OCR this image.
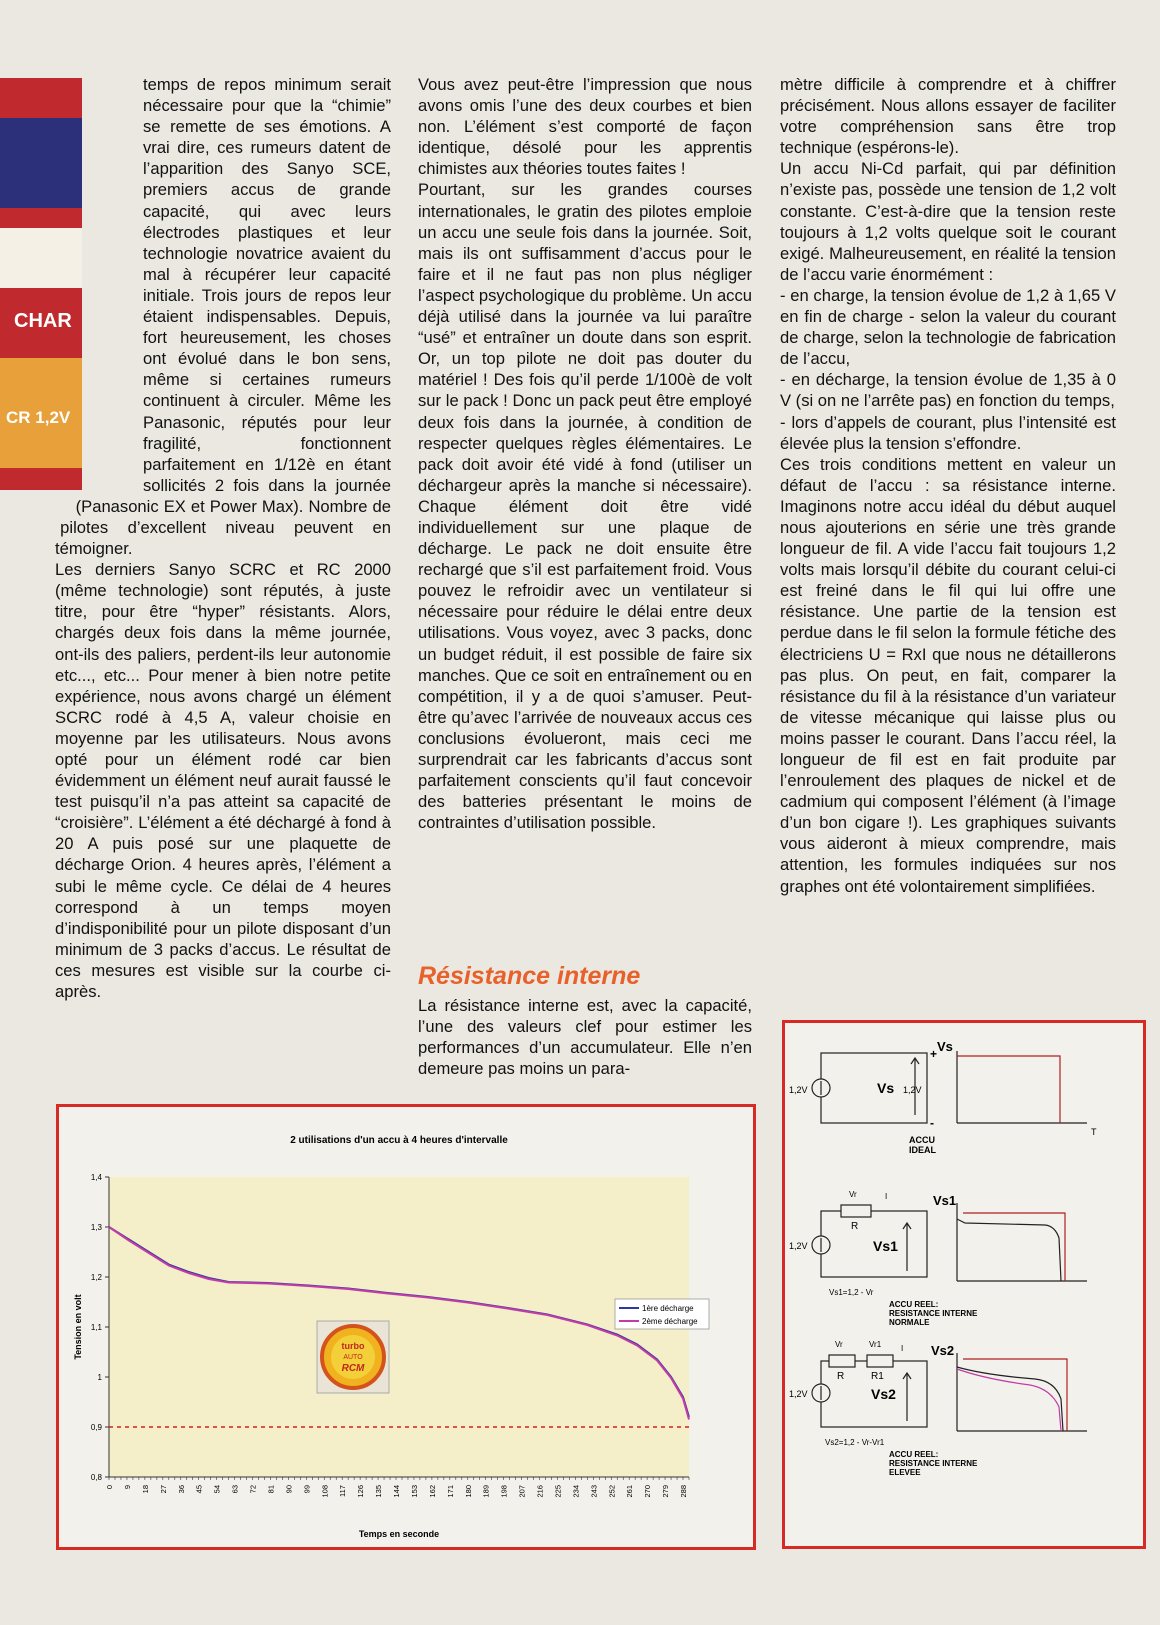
CHAR
CR 1,2V

temps de repos minimum serait nécessaire pour que la “chimie” se remette de ses émotions. A vrai dire, ces rumeurs datent de l’apparition des Sanyo SCE, premiers accus de grande capacité, qui avec leurs électrodes plastiques et leur technologie novatrice avaient du mal à récupérer leur capacité initiale. Trois jours de repos leur étaient indispensables. Depuis, fort heureusement, les choses ont évolué dans le bon sens, même si certaines rumeurs continuent à circuler. Même les Panasonic, réputés pour leur fragilité, fonctionnent parfaitement en 1/12è en étant sollicités 2 fois dans la journée (Panasonic EX et Power Max). Nombre de pilotes d’excellent niveau peuvent en témoigner.

Les derniers Sanyo SCRC et RC 2000 (même technologie) sont réputés, à juste titre, pour être “hyper” résistants. Alors, chargés deux fois dans la même journée, ont-ils des paliers, perdent-ils leur autonomie etc..., etc... Pour mener à bien notre petite expérience, nous avons chargé un élément SCRC rodé à 4,5 A, valeur choisie en moyenne par les utilisateurs. Nous avons opté pour un élément rodé car bien évidemment un élément neuf aurait faussé le test puisqu’il n’a pas atteint sa capacité de “croisière”. L’élément a été déchargé à fond à 20 A puis posé sur une plaquette de décharge Orion. 4 heures après, l’élément a subi le même cycle. Ce délai de 4 heures correspond à un temps moyen d’indisponibilité pour un pilote disposant d’un minimum de 3 packs d’accus. Le résultat de ces mesures est visible sur la courbe ci-après.

Vous avez peut-être l’impression que nous avons omis l’une des deux courbes et bien non. L’élément s’est comporté de façon identique, désolé pour les apprentis chimistes aux théories toutes faites !

Pourtant, sur les grandes courses internationales, le gratin des pilotes emploie un accu une seule fois dans la journée. Soit, mais ils ont suffisamment d’accus pour le faire et il ne faut pas non plus négliger l’aspect psychologique du problème. Un accu déjà utilisé dans la journée va lui paraître “usé” et entraîner un doute dans son esprit. Or, un top pilote ne doit pas douter du matériel ! Des fois qu’il perde 1/100è de volt sur le pack ! Donc un pack peut être employé deux fois dans la journée, à condition de respecter quelques règles élémentaires. Le pack doit avoir été vidé à fond (utiliser un déchargeur après la manche si nécessaire). Chaque élément doit être vidé individuellement sur une plaque de décharge. Le pack ne doit ensuite être rechargé que s’il est parfaitement froid. Vous pouvez le refroidir avec un ventilateur si nécessaire pour réduire le délai entre deux utilisations. Vous voyez, avec 3 packs, donc un budget réduit, il est possible de faire six manches. Que ce soit en entraînement ou en compétition, il y a de quoi s’amuser. Peut-être qu’avec l’arrivée de nouveaux accus ces conclusions évolueront, mais ceci me surprendrait car les fabricants d’accus sont parfaitement conscients qu’il faut concevoir des batteries présentant le moins de contraintes d’utilisation possible.

Résistance interne

La résistance interne est, avec la capacité, l’une des valeurs clef pour estimer les performances d’un accumulateur. Elle n’en demeure pas moins un para-

mètre difficile à comprendre et à chiffrer précisément. Nous allons essayer de faciliter votre compréhension sans être trop technique (espérons-le).

Un accu Ni-Cd parfait, qui par définition n’existe pas, possède une tension de 1,2 volt constante. C’est-à-dire que la tension reste toujours à 1,2 volts quelque soit le courant exigé. Malheureusement, en réalité la tension de l’accu varie énormément :

- en charge, la tension évolue de 1,2 à 1,65 V en fin de charge - selon la valeur du courant de charge, selon la technologie de fabrication de l’accu,

- en décharge, la tension évolue de 1,35 à 0 V (si on ne l’arrête pas) en fonction du temps,

- lors d’appels de courant, plus l’intensité est élevée plus la tension s’effondre.

Ces trois conditions mettent en valeur un défaut de l’accu : sa résistance interne. Imaginons notre accu idéal du début auquel nous ajouterions en série une très grande longueur de fil. A vide l’accu fait toujours 1,2 volts mais lorsqu’il débite du courant celui-ci est freiné dans le fil qui lui offre une résistance. Une partie de la tension est perdue dans le fil selon la formule fétiche des électriciens U = RxI que nous ne détaillerons pas plus. On peut, en fait, comparer la résistance du fil à la résistance d’un variateur de vitesse mécanique qui laisse plus ou moins passer le courant. Dans l’accu réel, la longueur de fil est en fait produite par l’enroulement des plaques de nickel et de cadmium qui composent l’élément (à l’image d’un bon cigare !). Les graphiques suivants vous aideront à mieux comprendre, mais attention, les formules indiquées sur nos graphes ont été volontairement simplifiées.

2 utilisations d'un accu à 4 heures d'intervalle
0,8
0,9
1
1,1
1,2
1,3
1,4
0 9 18 27 36 45 54 63 72 81 90 99 108 117 126 135 144 153 162 171 180 189 198 207 216 225 234 243 252 261 270 279 288
Temps en seconde
Tension en volt	1ère décharge
2ème décharge
turbo
AUTO
RCM
1,2V	Vs 1,2V
+
-
Vs
T
ACCU
IDEAL
Vr	I
R
1,2V	Vs1
Vs1
Vs1=1,2 - Vr
ACCU REEL:
RESISTANCE INTERNE
NORMALE
Vr	Vr1 I
R	R1
1,2V	Vs2
Vs2
Vs2=1,2 - Vr-Vr1
ACCU REEL:
RESISTANCE INTERNE
ELEVEE
